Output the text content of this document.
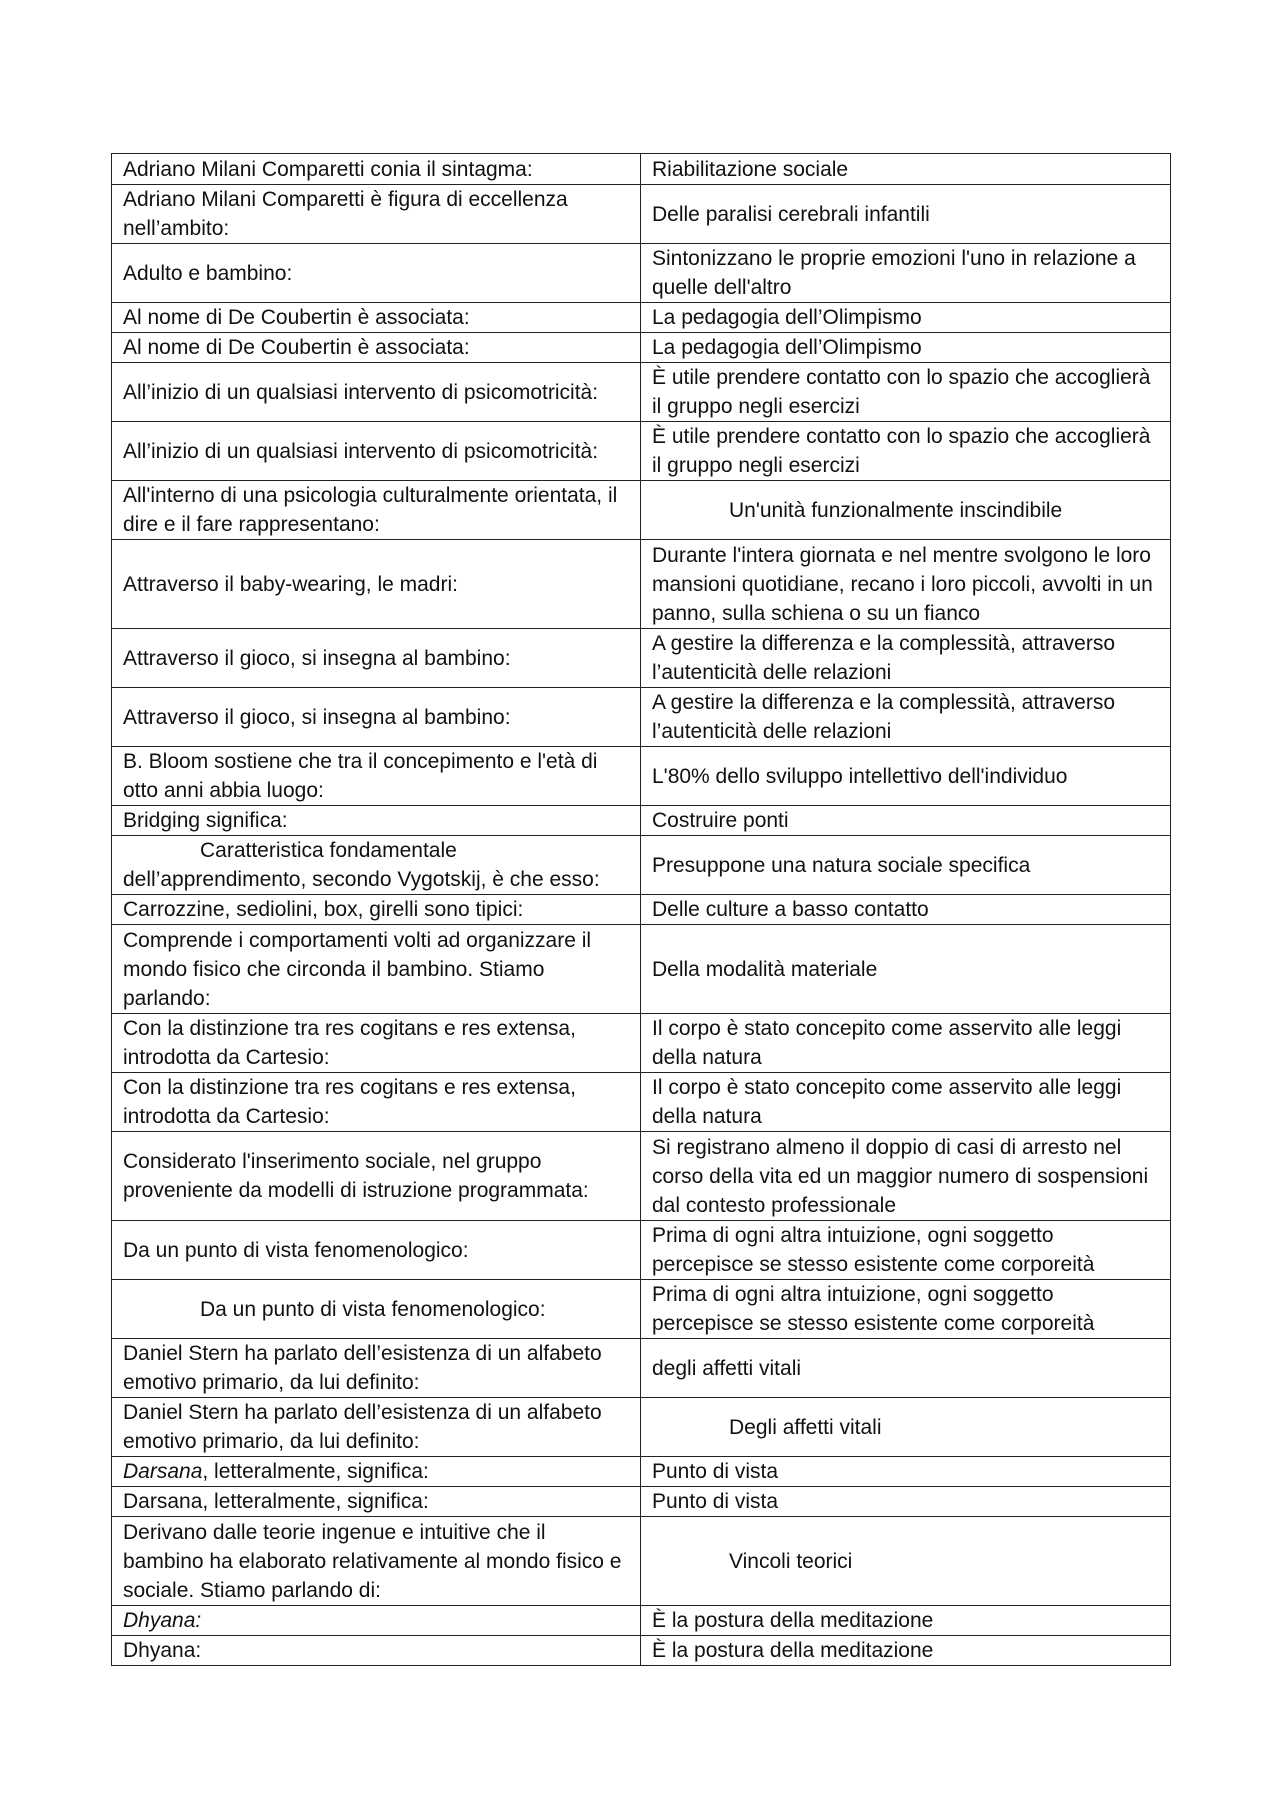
Adriano Milani Comparetti conia il sintagma:	Riabilitazione sociale
Adriano Milani Comparetti è figura di eccellenza nell’ambito:	Delle paralisi cerebrali infantili
Adulto e bambino:	Sintonizzano le proprie emozioni l'uno in relazione a quelle dell'altro
Al nome di De Coubertin è associata:	La pedagogia dell’Olimpismo
Al nome di De Coubertin è associata:	La pedagogia dell’Olimpismo
All’inizio di un qualsiasi intervento di psicomotricità:	È utile prendere contatto con lo spazio che accoglierà il gruppo negli esercizi
All’inizio di un qualsiasi intervento di psicomotricità:	È utile prendere contatto con lo spazio che accoglierà il gruppo negli esercizi
All'interno di una psicologia culturalmente orientata, il dire e il fare rappresentano:	Un'unità funzionalmente inscindibile
Attraverso il baby-wearing, le madri:	Durante l'intera giornata e nel mentre svolgono le loro mansioni quotidiane, recano i loro piccoli, avvolti in un panno, sulla schiena o su un fianco
Attraverso il gioco, si insegna al bambino:	A gestire la differenza e la complessità, attraverso l’autenticità delle relazioni
Attraverso il gioco, si insegna al bambino:	A gestire la differenza e la complessità, attraverso l’autenticità delle relazioni
B. Bloom sostiene che tra il concepimento e l'età di otto anni abbia luogo:	L'80% dello sviluppo intellettivo dell'individuo
Bridging significa:	Costruire ponti

Caratteristica fondamentale
dell’apprendimento, secondo Vygotskij, è che esso:	Presuppone una natura sociale specifica
Carrozzine, sediolini, box, girelli sono tipici:	Delle culture a basso contatto
Comprende i comportamenti volti ad organizzare il mondo fisico che circonda il bambino. Stiamo parlando:	Della modalità materiale
Con la distinzione tra res cogitans e res extensa, introdotta da Cartesio:	Il corpo è stato concepito come asservito alle leggi della natura
Con la distinzione tra res cogitans e res extensa, introdotta da Cartesio:	Il corpo è stato concepito come asservito alle leggi della natura
Considerato l'inserimento sociale, nel gruppo proveniente da modelli di istruzione programmata:	Si registrano almeno il doppio di casi di arresto nel corso della vita ed un maggior numero di sospensioni dal contesto professionale
Da un punto di vista fenomenologico:	Prima di ogni altra intuizione, ogni soggetto percepisce se stesso esistente come corporeità
Da un punto di vista fenomenologico:	Prima di ogni altra intuizione, ogni soggetto percepisce se stesso esistente come corporeità
Daniel Stern ha parlato dell’esistenza di un alfabeto emotivo primario, da lui definito:	degli affetti vitali
Daniel Stern ha parlato dell’esistenza di un alfabeto emotivo primario, da lui definito:	Degli affetti vitali
Darsana, letteralmente, significa:	Punto di vista
Darsana, letteralmente, significa:	Punto di vista
Derivano dalle teorie ingenue e intuitive che il bambino ha elaborato relativamente al mondo fisico e sociale. Stiamo parlando di:	Vincoli teorici
Dhyana:	È la postura della meditazione
Dhyana:	È la postura della meditazione
